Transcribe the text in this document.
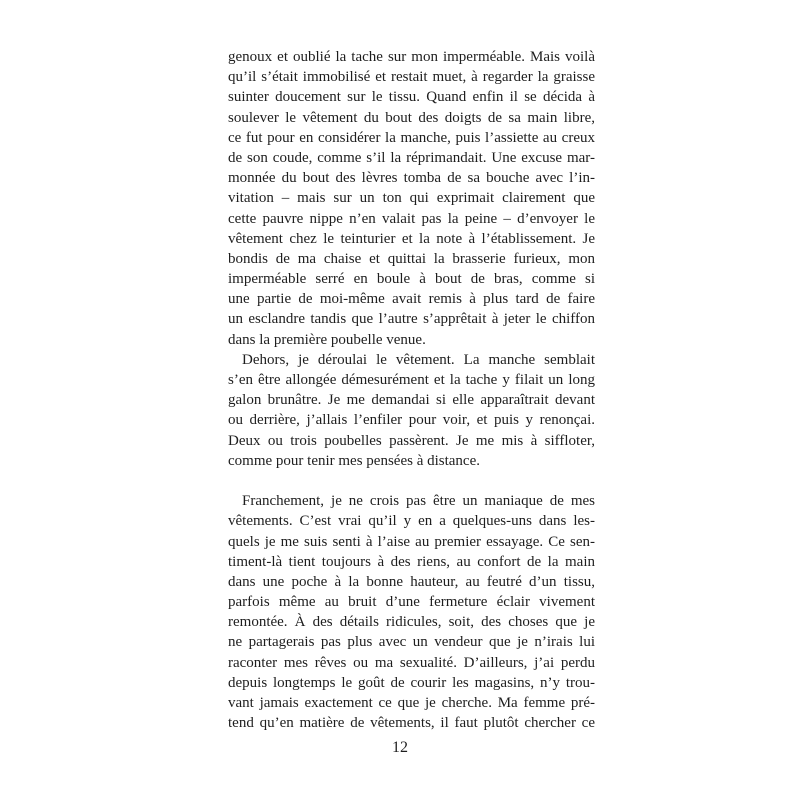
genoux et oublié la tache sur mon imperméable. Mais voilà
qu’il s’était immobilisé et restait muet, à regarder la graisse
suinter doucement sur le tissu. Quand enfin il se décida à
soulever le vêtement du bout des doigts de sa main libre,
ce fut pour en considérer la manche, puis l’assiette au creux
de son coude, comme s’il la réprimandait. Une excuse mar-
monnée du bout des lèvres tomba de sa bouche avec l’in-
vitation – mais sur un ton qui exprimait clairement que
cette pauvre nippe n’en valait pas la peine – d’envoyer le
vêtement chez le teinturier et la note à l’établissement. Je
bondis de ma chaise et quittai la brasserie furieux, mon
imperméable serré en boule à bout de bras, comme si
une partie de moi-même avait remis à plus tard de faire
un esclandre tandis que l’autre s’apprêtait à jeter le chiffon
dans la première poubelle venue.
Dehors, je déroulai le vêtement. La manche semblait
s’en être allongée démesurément et la tache y filait un long
galon brunâtre. Je me demandai si elle apparaîtrait devant
ou derrière, j’allais l’enfiler pour voir, et puis y renonçai.
Deux ou trois poubelles passèrent. Je me mis à siffloter,
comme pour tenir mes pensées à distance.
Franchement, je ne crois pas être un maniaque de mes
vêtements. C’est vrai qu’il y en a quelques-uns dans les-
quels je me suis senti à l’aise au premier essayage. Ce sen-
timent-là tient toujours à des riens, au confort de la main
dans une poche à la bonne hauteur, au feutré d’un tissu,
parfois même au bruit d’une fermeture éclair vivement
remontée. À des détails ridicules, soit, des choses que je
ne partagerais pas plus avec un vendeur que je n’irais lui
raconter mes rêves ou ma sexualité. D’ailleurs, j’ai perdu
depuis longtemps le goût de courir les magasins, n’y trou-
vant jamais exactement ce que je cherche. Ma femme pré-
tend qu’en matière de vêtements, il faut plutôt chercher ce
12
